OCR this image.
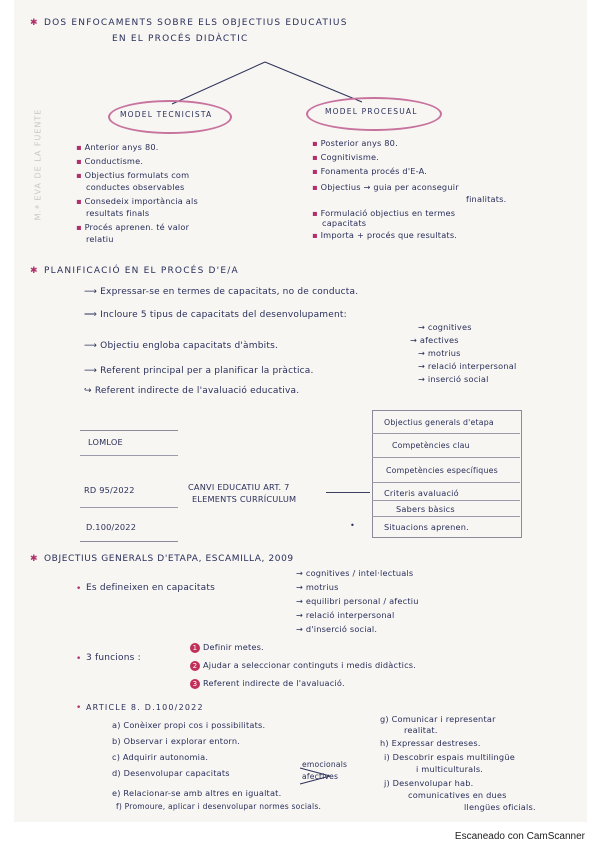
M.ª EVA DE LA FUENTE
✱ DOS ENFOCAMENTS SOBRE ELS OBJECTIUS EDUCATIUS
EN EL PROCÉS DIDÀCTIC
MODEL TECNICISTA	MODEL PROCESUAL
▪ Anterior anys 80.
▪ Conductisme.
▪ Objectius formulats com
conductes observables
▪ Consedeix importància als
resultats finals
▪ Procés aprenen. té valor
relatiu
▪ Posterior anys 80.
▪ Cognitivisme.
▪ Fonamenta procés d'E-A.
▪ Objectius → guia per aconseguir
finalitats.
▪ Formulació objectius en termes
capacitats
▪ Importa + procés que resultats.
✱ PLANIFICACIÓ EN EL PROCÉS D'E/A
⟶ Expressar-se en termes de capacitats, no de conducta.
⟹ Incloure 5 tipus de capacitats del desenvolupament:
⟶ Objectiu engloba capacitats d'àmbits.
⟶ Referent principal per a planificar la pràctica.
↪ Referent indirecte de l'avaluació educativa.
→ cognitives
→ afectives
→ motrius
→ relació interpersonal
→ inserció social
LOMLOE
RD 95/2022
D.100/2022
CANVI EDUCATIU ART. 7
ELEMENTS CURRÍCULUM
•
Objectius generals d'etapa
Competències clau
Competències específiques
Criteris avaluació
Sabers bàsics
Situacions aprenen.
✱ OBJECTIUS GENERALS D'ETAPA, ESCAMILLA, 2009
• Es defineixen en capacitats
→ cognitives / intel·lectuals
→ motrius
→ equilibri personal / afectiu
→ relació interpersonal
→ d'inserció social.
• 3 funcions :
1 Definir metes.
2 Ajudar a seleccionar continguts i medis didàctics.
3 Referent indirecte de l'avaluació.
• ARTICLE 8. D.100/2022
a) Conèixer propi cos i possibilitats.
b) Observar i explorar entorn.
c) Adquirir autonomia.
d) Desenvolupar capacitats
e) Relacionar-se amb altres en igualtat.
f) Promoure, aplicar i desenvolupar normes socials.
emocionals
afectives
g) Comunicar i representar
realitat.
h) Expressar destreses.
i) Descobrir espais multilingüe
i multiculturals.
j) Desenvolupar hab.
comunicatives en dues
llengües oficials.
Escaneado con CamScanner
